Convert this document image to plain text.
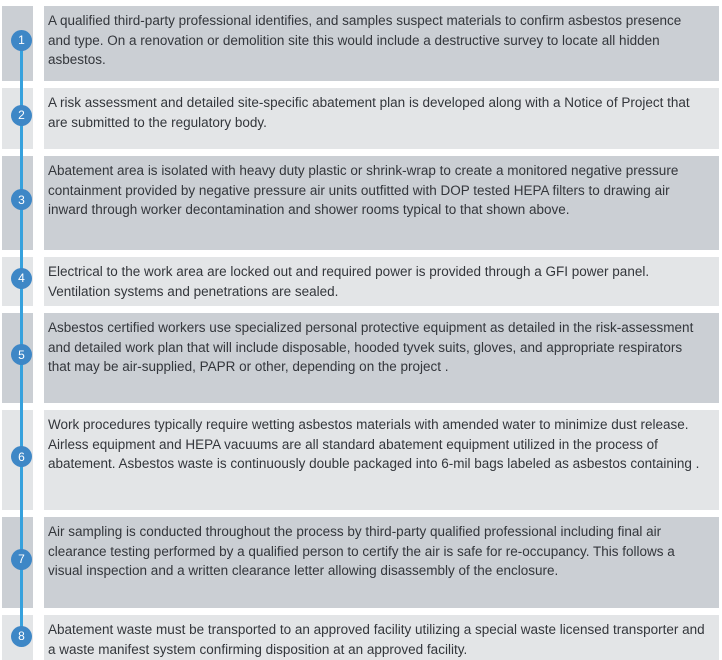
1

A qualified third-party professional identifies, and samples suspect materials to confirm asbestos presence and type. On a renovation or demolition site this would include a destructive survey to locate all hidden asbestos.

2

A risk assessment and detailed site-specific abatement plan is developed along with a Notice of Project that are submitted to the regulatory body.

3

Abatement area is isolated with heavy duty plastic or shrink-wrap to create a monitored negative pressure containment provided by negative pressure air units outfitted with DOP tested HEPA filters to drawing air inward through worker decontamination and shower rooms typical to that shown above.

4 Electrical to the work area are locked out and required power is provided through a GFI power panel. Ventilation systems and penetrations are sealed.

5

Asbestos certified workers use specialized personal protective equipment as detailed in the risk-assessment and detailed work plan that will include disposable, hooded tyvek suits, gloves, and appropriate respirators that may be air-supplied, PAPR or other, depending on the project .

6

Work procedures typically require wetting asbestos materials with amended water to minimize dust release. Airless equipment and HEPA vacuums are all standard abatement equipment utilized in the process of abatement. Asbestos waste is continuously double packaged into 6-mil bags labeled as asbestos containing .

7

Air sampling is conducted throughout the process by third-party qualified professional including final air clearance testing performed by a qualified person to certify the air is safe for re-occupancy. This follows a visual inspection and a written clearance letter allowing disassembly of the enclosure.

8 Abatement waste must be transported to an approved facility utilizing a special waste licensed transporter and a waste manifest system confirming disposition at an approved facility.
